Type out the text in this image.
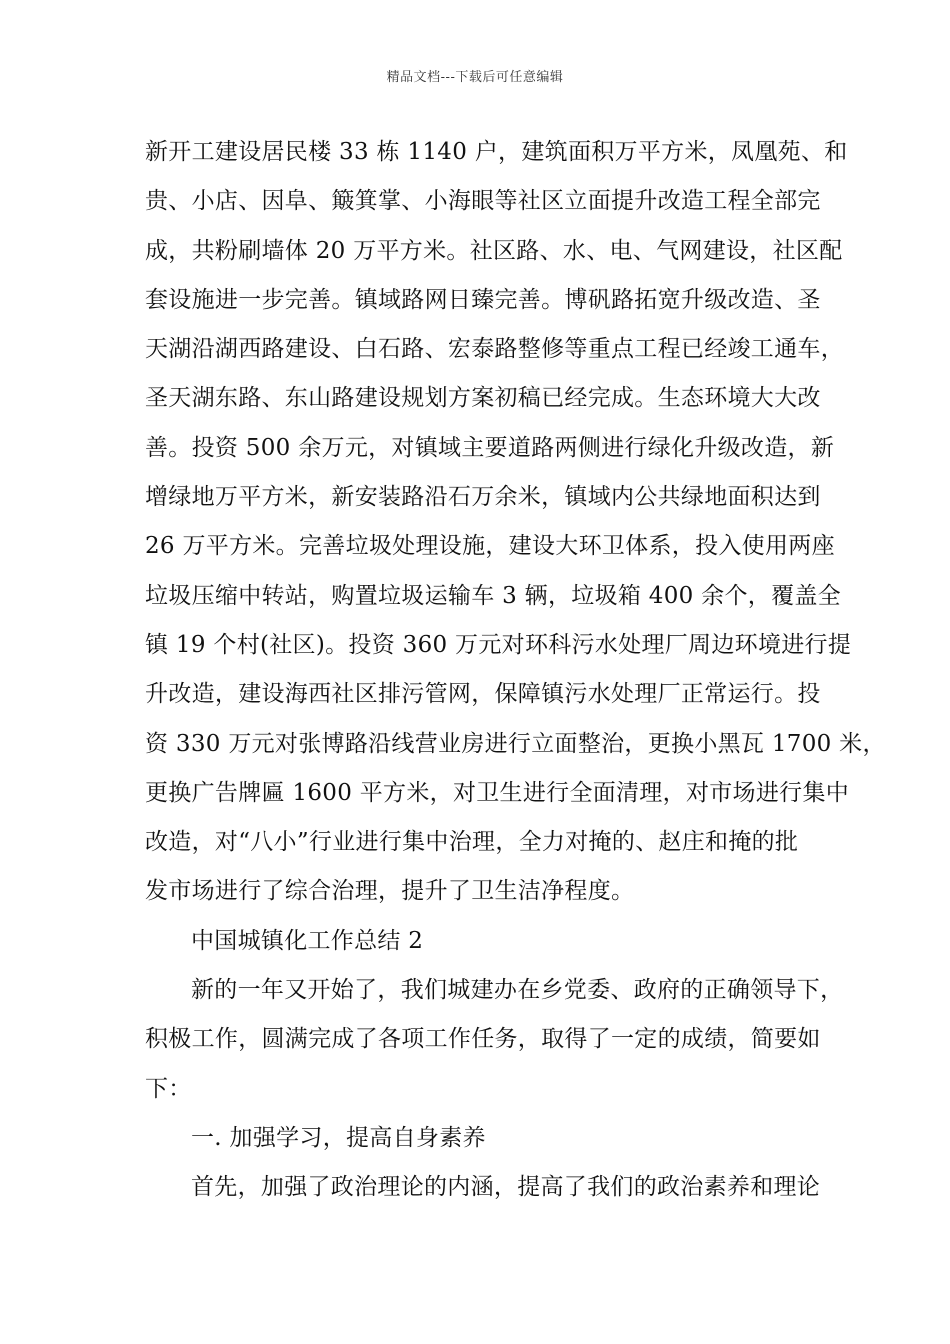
精品文档---下载后可任意编辑
新开工建设居民楼 33 栋 1140 户，建筑面积万平方米，凤凰苑、和
贵、小店、因阜、簸箕掌、小海眼等社区立面提升改造工程全部完
成，共粉刷墙体 20 万平方米。社区路、水、电、气网建设，社区配
套设施进一步完善。镇域路网日臻完善。博矾路拓宽升级改造、圣
天湖沿湖西路建设、白石路、宏泰路整修等重点工程已经竣工通车，
圣天湖东路、东山路建设规划方案初稿已经完成。生态环境大大改
善。投资 500 余万元，对镇域主要道路两侧进行绿化升级改造，新
增绿地万平方米，新安装路沿石万余米，镇域内公共绿地面积达到
26 万平方米。完善垃圾处理设施，建设大环卫体系，投入使用两座
垃圾压缩中转站，购置垃圾运输车 3 辆，垃圾箱 400 余个，覆盖全
镇 19 个村(社区)。投资 360 万元对环科污水处理厂周边环境进行提
升改造，建设海西社区排污管网，保障镇污水处理厂正常运行。投
资 330 万元对张博路沿线营业房进行立面整治，更换小黑瓦 1700 米，
更换广告牌匾 1600 平方米，对卫生进行全面清理，对市场进行集中
改造，对“八小”行业进行集中治理，全力对掩的、赵庄和掩的批
发市场进行了综合治理，提升了卫生洁净程度。
中国城镇化工作总结 2
新的一年又开始了，我们城建办在乡党委、政府的正确领导下，
积极工作，圆满完成了各项工作任务，取得了一定的成绩，简要如
下：
一. 加强学习，提高自身素养
首先，加强了政治理论的内涵，提高了我们的政治素养和理论
